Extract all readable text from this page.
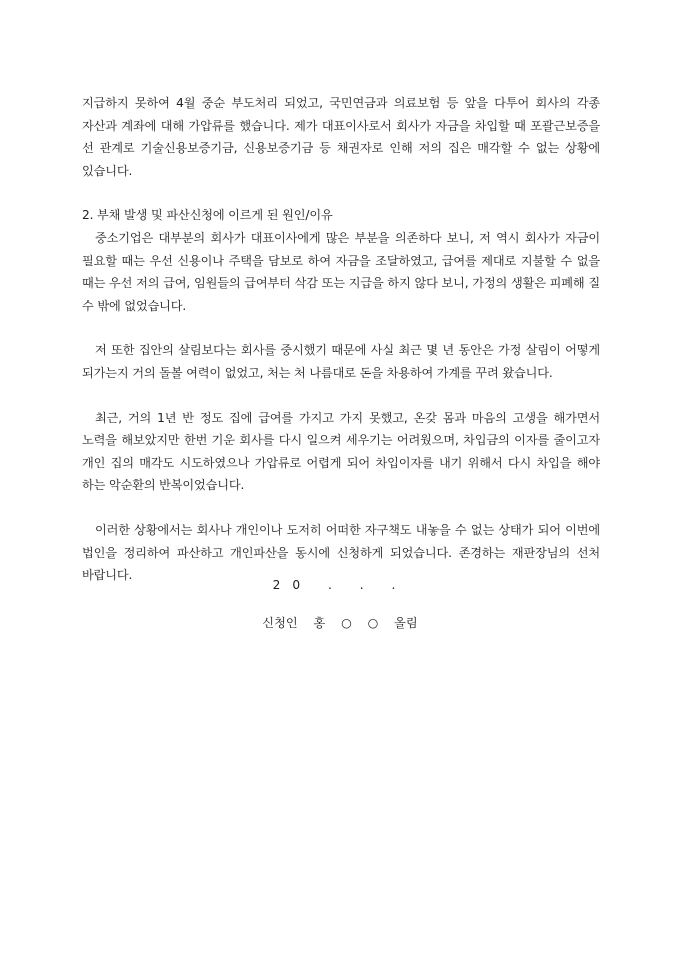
지급하지 못하여 4월 중순 부도처리 되었고, 국민연금과 의료보험 등 앞을 다투어 회사의 각종 자산과 계좌에 대해 가압류를 했습니다. 제가 대표이사로서 회사가 자금을 차입할 때 포괄근보증을 선 관계로 기술신용보증기금, 신용보증기금 등 채권자로 인해 저의 집은 매각할 수 없는 상황에 있습니다.

2. 부채 발생 및 파산신청에 이르게 된 원인/이유

중소기업은 대부분의 회사가 대표이사에게 많은 부분을 의존하다 보니, 저 역시 회사가 자금이 필요할 때는 우선 신용이나 주택을 담보로 하여 자금을 조달하였고, 급여를 제대로 지불할 수 없을 때는 우선 저의 급여, 임원들의 급여부터 삭감 또는 지급을 하지 않다 보니, 가정의 생활은 피폐해 질 수 밖에 없었습니다.

저 또한 집안의 살림보다는 회사를 중시했기 때문에 사실 최근 몇 년 동안은 가정 살림이 어떻게 되가는지 거의 돌볼 여력이 없었고, 처는 처 나름대로 돈을 차용하여 가계를 꾸려 왔습니다.

최근, 거의 1년 반 정도 집에 급여를 가지고 가지 못했고, 온갖 몸과 마음의 고생을 해가면서 노력을 해보았지만 한번 기운 회사를 다시 일으켜 세우기는 어려웠으며, 차입금의 이자를 줄이고자 개인 집의 매각도 시도하였으나 가압류로 어렵게 되어 차입이자를 내기 위해서 다시 차입을 해야 하는 악순환의 반복이었습니다.

이러한 상황에서는 회사나 개인이나 도저히 어떠한 자구책도 내놓을 수 없는 상태가 되어 이번에 법인을 정리하여 파산하고 개인파산을 동시에 신청하게 되었습니다. 존경하는 재판장님의 선처 바랍니다.

20 . . .
신청인 홍 ○ ○ 올림
